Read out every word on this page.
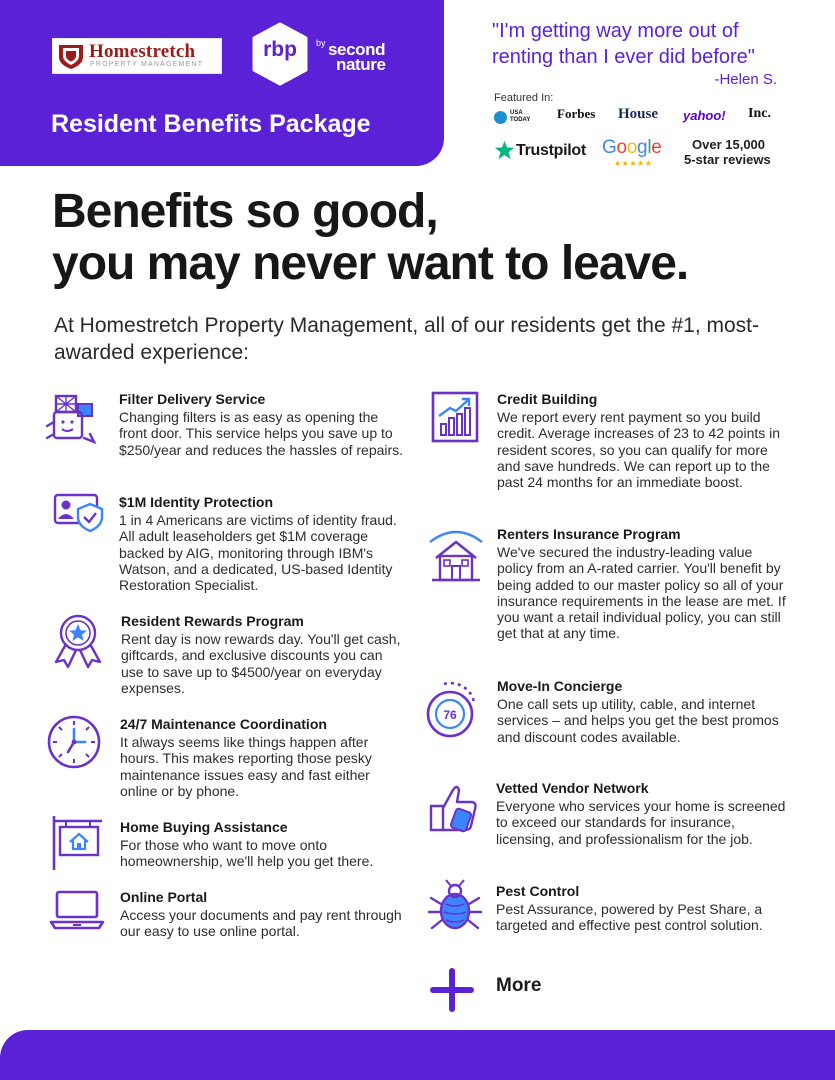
Homestretch
PROPERTY MANAGEMENT
rbp	by second
nature
Resident Benefits Package
"I'm getting way more out of renting than I ever did before"
-Helen S.
Featured In:
USA TODAY	Forbes House yahoo! Inc.
Trustpilot Google
★★★★★
Over 15,000
5-star reviews
Benefits so good,
you may never want to leave.
At Homestretch Property Management, all of our residents get the #1, most-awarded experience:
Filter Delivery Service
Changing filters is as easy as opening the front door. This service helps you save up to $250/year and reduces the hassles of repairs.
$1M Identity Protection
1 in 4 Americans are victims of identity fraud. All adult leaseholders get $1M coverage backed by AIG, monitoring through IBM's Watson, and a dedicated, US-based Identity Restoration Specialist.
Resident Rewards Program
Rent day is now rewards day. You'll get cash, giftcards, and exclusive discounts you can use to save up to $4500/year on everyday expenses.
24/7 Maintenance Coordination
It always seems like things happen after hours. This makes reporting those pesky maintenance issues easy and fast either online or by phone.
Home Buying Assistance
For those who want to move onto homeownership, we'll help you get there.
Online Portal
Access your documents and pay rent through our easy to use online portal.
Credit Building
We report every rent payment so you build credit. Average increases of 23 to 42 points in resident scores, so you can qualify for more and save hundreds. We can report up to the past 24 months for an immediate boost.
Renters Insurance Program
We've secured the industry-leading value policy from an A-rated carrier. You'll benefit by being added to our master policy so all of your insurance requirements in the lease are met. If you want a retail individual policy, you can still get that at any time.
76
Move-In Concierge
One call sets up utility, cable, and internet services – and helps you get the best promos and discount codes available.
Vetted Vendor Network
Everyone who services your home is screened to exceed our standards for insurance, licensing, and professionalism for the job.
Pest Control
Pest Assurance, powered by Pest Share, a targeted and effective pest control solution.
More
